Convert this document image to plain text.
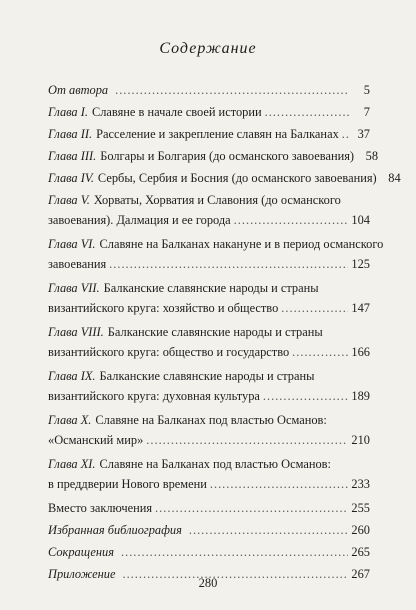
Содержание
От автора .....	5
Глава I. Славяне в начале своей истории .....	7
Глава II. Расселение и закрепление славян на Балканах .....	37
Глава III. Болгары и Болгария (до османского завоевания) 58
Глава IV. Сербы, Сербия и Босния (до османского завоевания) 84
Глава V. Хорваты, Хорватия и Славония (до османского
завоевания). Далмация и ее города .....	104
Глава VI. Славяне на Балканах накануне и в период османского
завоевания .....	125
Глава VII. Балканские славянские народы и страны
византийского круга: хозяйство и общество .....	147
Глава VIII. Балканские славянские народы и страны
византийского круга: общество и государство .....	166
Глава IX. Балканские славянские народы и страны
византийского круга: духовная культура .....	189
Глава X. Славяне на Балканах под властью Османов:
«Османский мир» .....	210
Глава XI. Славяне на Балканах под властью Османов:
в преддверии Нового времени .....	233
Вместо заключения .....	255
Избранная библиография .....	260
Сокращения .....	265
Приложение .....	267
280
